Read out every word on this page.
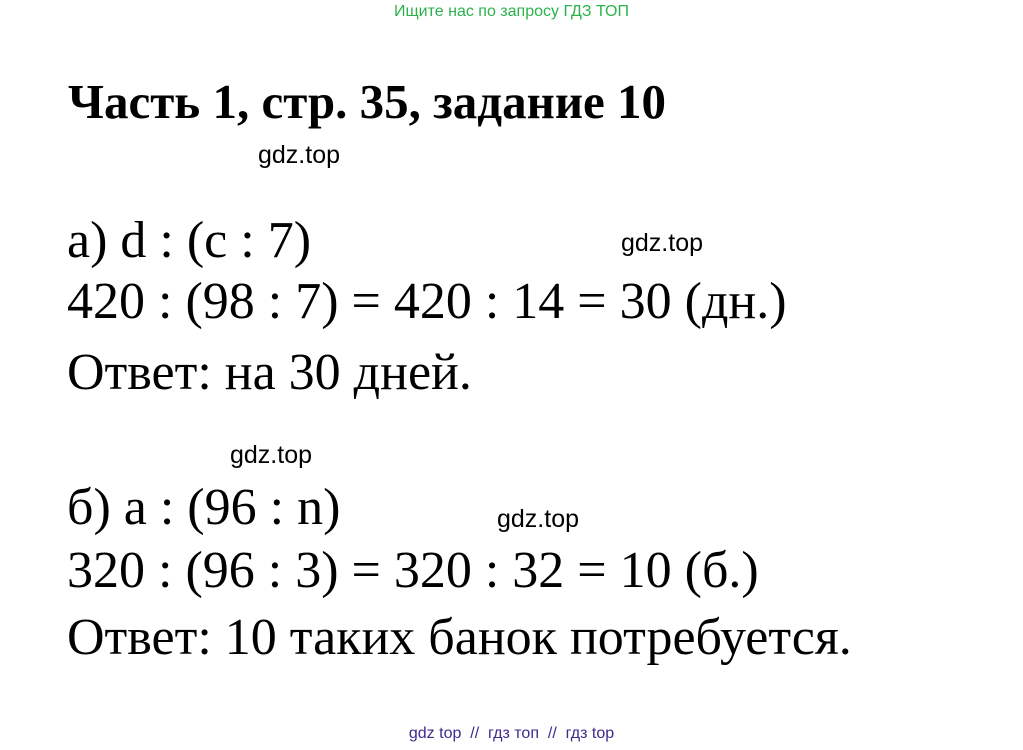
Ищите нас по запросу ГДЗ ТОП
Часть 1, стр. 35, задание 10
gdz.top
а) d : (c : 7)	gdz.top
420 : (98 : 7) = 420 : 14 = 30 (дн.)
Ответ: на 30 дней.
gdz.top
б) a : (96 : n)	gdz.top
320 : (96 : 3) = 320 : 32 = 10 (б.)
Ответ: 10 таких банок потребуется.
gdz top  //  гдз топ  //  гдз top
